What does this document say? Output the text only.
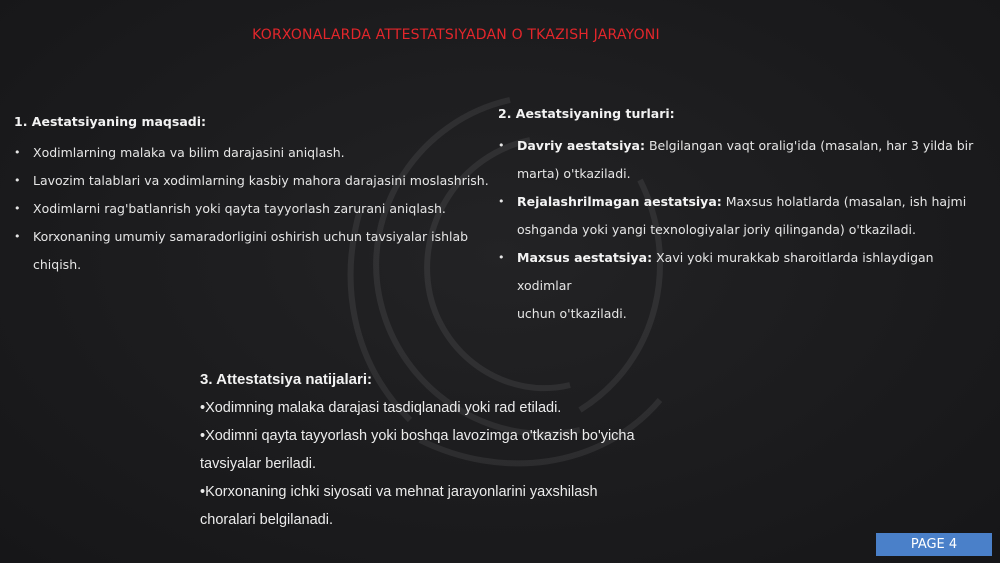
KORXONALARDA ATTESTATSIYADAN O TKAZISH JARAYONI
1. Aestatsiyaning maqsadi:
• Xodimlarning malaka va bilim darajasini aniqlash.
• Lavozim talablari va xodimlarning kasbiy mahora darajasini moslashrish.
• Xodimlarni rag'batlanrish yoki qayta tayyorlash zarurani aniqlash.
• Korxonaning umumiy samaradorligini oshirish uchun tavsiyalar ishlab
chiqish.
2. Aestatsiyaning turlari:
• Davriy aestatsiya: Belgilangan vaqt oralig'ida (masalan, har 3 yilda bir
marta) o'tkaziladi.
• Rejalashrilmagan aestatsiya: Maxsus holatlarda (masalan, ish hajmi
oshganda yoki yangi texnologiyalar joriy qilinganda) o'tkaziladi.
• Maxsus aestatsiya: Xavi yoki murakkab sharoitlarda ishlaydigan xodimlar
uchun o'tkaziladi.
3. Attestatsiya natijalari:
•Xodimning malaka darajasi tasdiqlanadi yoki rad etiladi.
•Xodimni qayta tayyorlash yoki boshqa lavozimga o'tkazish bo'yicha
tavsiyalar beriladi.
•Korxonaning ichki siyosati va mehnat jarayonlarini yaxshilash
choralari belgilanadi.
PAGE 4
